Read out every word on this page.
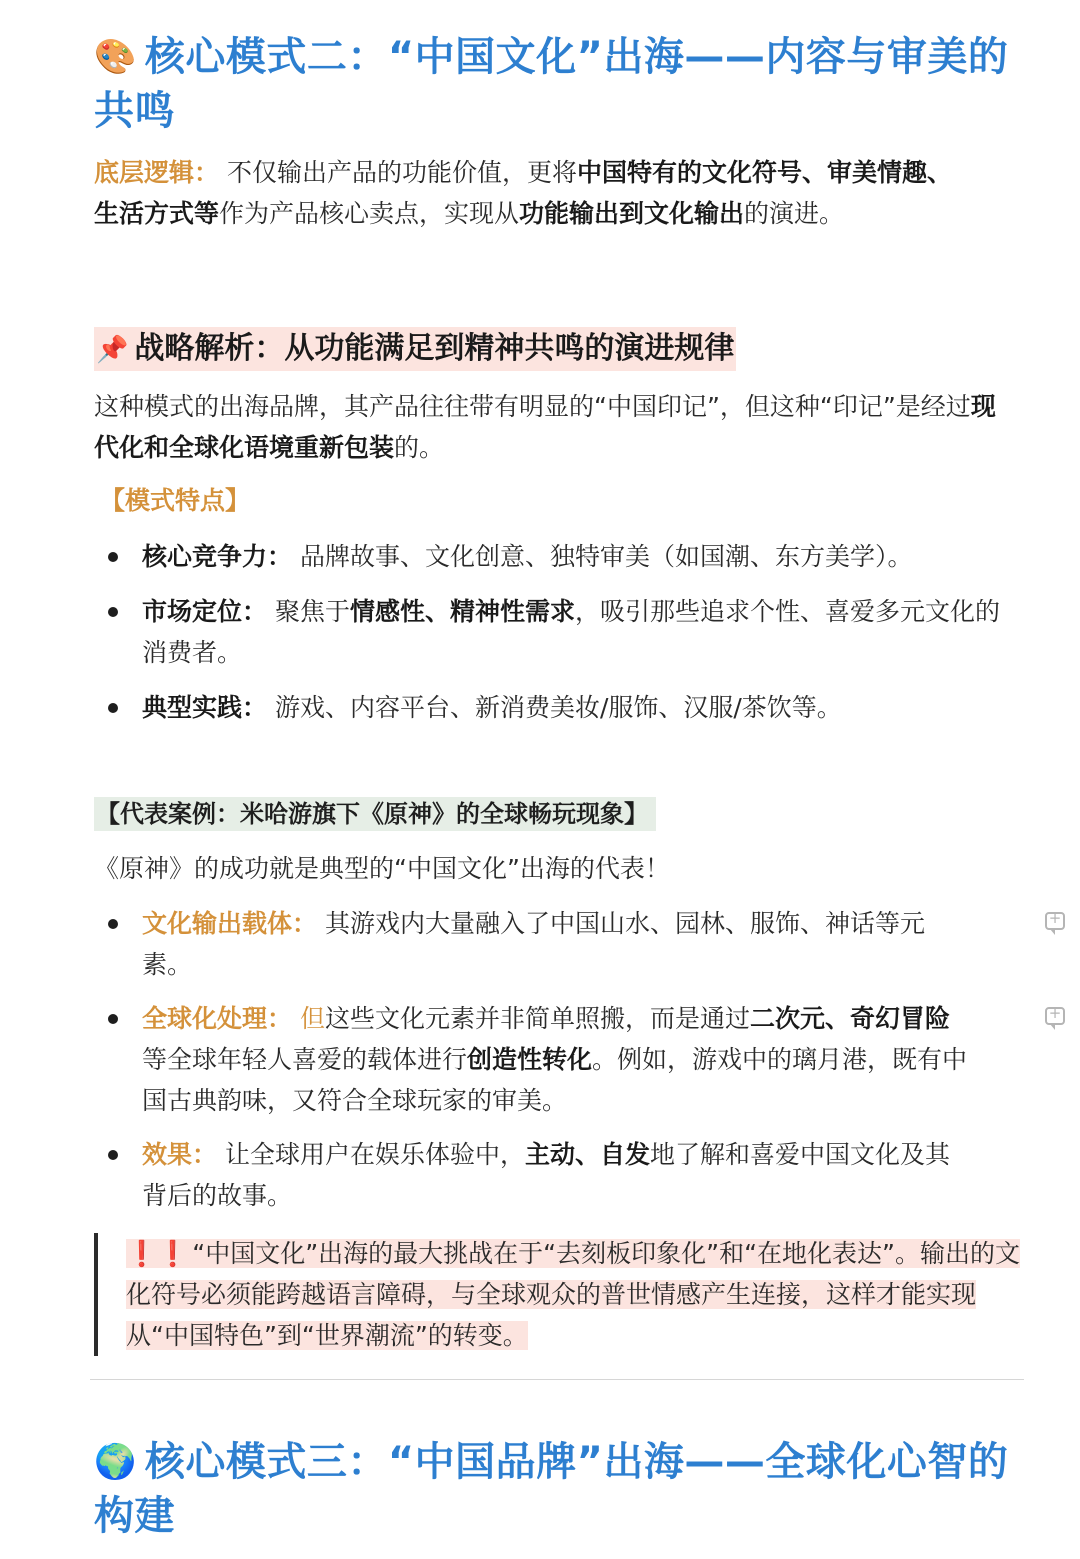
🎨 核心模式二：“中国文化”出海——内容与审美的
共鸣
底层逻辑： 不仅输出产品的功能价值，更将中国特有的文化符号、审美情趣、生活方式等作为产品核心卖点，实现从功能输出到文化输出的演进。
📌 战略解析：从功能满足到精神共鸣的演进规律
这种模式的出海品牌，其产品往往带有明显的“中国印记”，但这种“印记”是经过现代化和全球化语境重新包装的。
【模式特点】
核心竞争力： 品牌故事、文化创意、独特审美（如国潮、东方美学）。
市场定位： 聚焦于情感性、精神性需求，吸引那些追求个性、喜爱多元文化的消费者。
典型实践： 游戏、内容平台、新消费美妆/服饰、汉服/茶饮等。
【代表案例：米哈游旗下《原神》的全球畅玩现象】
《原神》的成功就是典型的“中国文化”出海的代表！
文化输出载体： 其游戏内大量融入了中国山水、园林、服饰、神话等元素。
全球化处理： 但这些文化元素并非简单照搬，而是通过二次元、奇幻冒险等全球年轻人喜爱的载体进行创造性转化。例如，游戏中的璃月港，既有中国古典韵味，又符合全球玩家的审美。
效果： 让全球用户在娱乐体验中，主动、自发地了解和喜爱中国文化及其背后的故事。
❗❗ “中国文化”出海的最大挑战在于“去刻板印象化”和“在地化表达”。输出的文化符号必须能跨越语言障碍，与全球观众的普世情感产生连接，这样才能实现从“中国特色”到“世界潮流”的转变。
🌍 核心模式三：“中国品牌”出海——全球化心智的
构建
+
+
